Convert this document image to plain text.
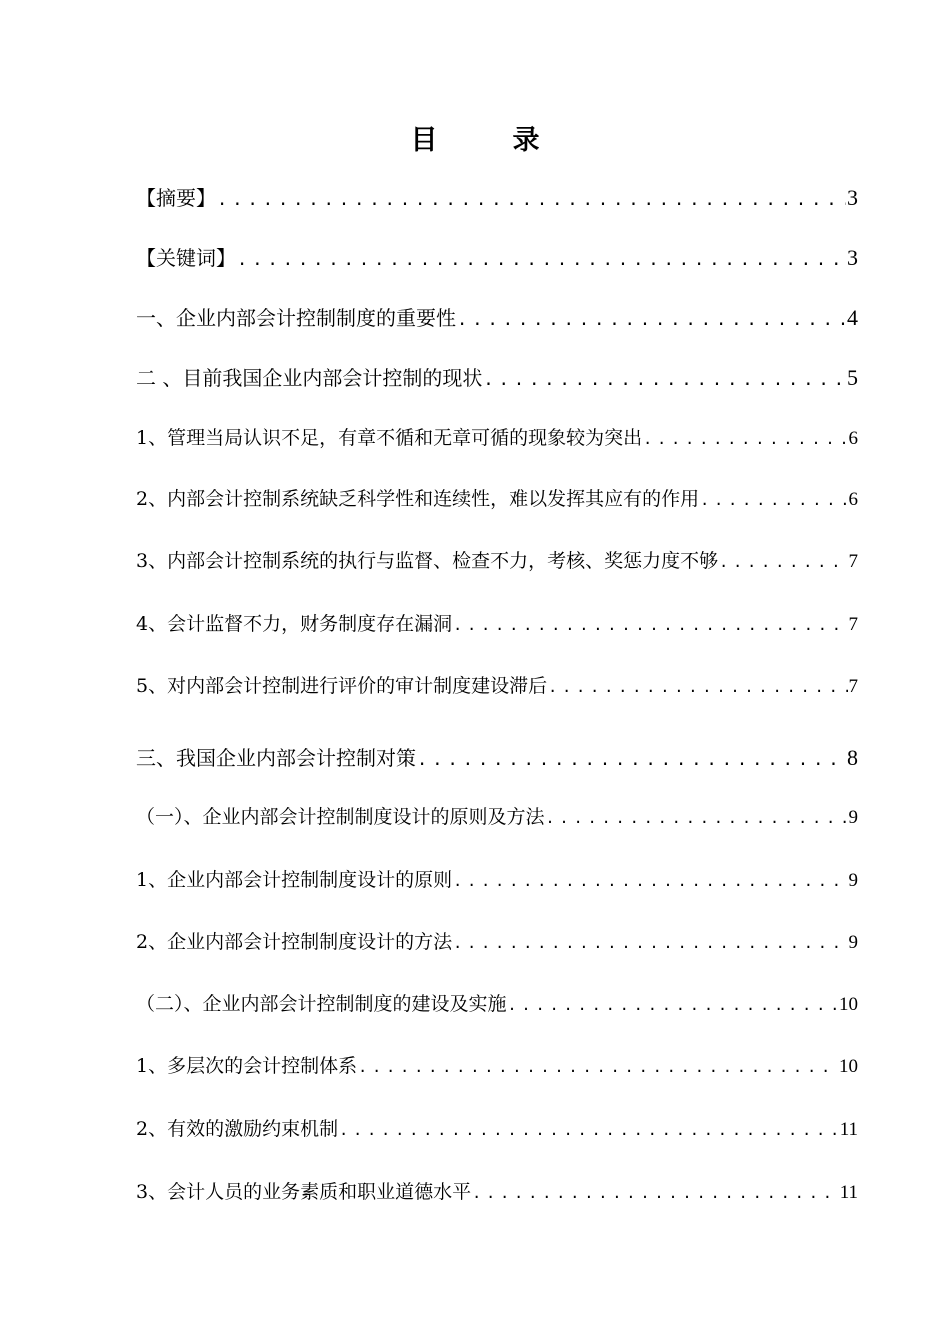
目	录
【摘要】 .....	3
【关键词】 .....	3
一、企业内部会计控制制度的重要性 .....	4
二 、目前我国企业内部会计控制的现状 .....	5
1、管理当局认识不足，有章不循和无章可循的现象较为突出 .....	6
2、内部会计控制系统缺乏科学性和连续性，难以发挥其应有的作用 .....	6
3、内部会计控制系统的执行与监督、检查不力，考核、奖惩力度不够 .....	7
4、会计监督不力，财务制度存在漏洞 .....	7
5、对内部会计控制进行评价的审计制度建设滞后 .....	7
三、我国企业内部会计控制对策 .....	8
（一）、企业内部会计控制制度设计的原则及方法 .....	9
1、企业内部会计控制制度设计的原则 .....	9
2、企业内部会计控制制度设计的方法 .....	9
（二）、企业内部会计控制制度的建设及实施 .....	10
1、多层次的会计控制体系 .....	10
2、有效的激励约束机制 .....	11
3、会计人员的业务素质和职业道德水平 .....	11
